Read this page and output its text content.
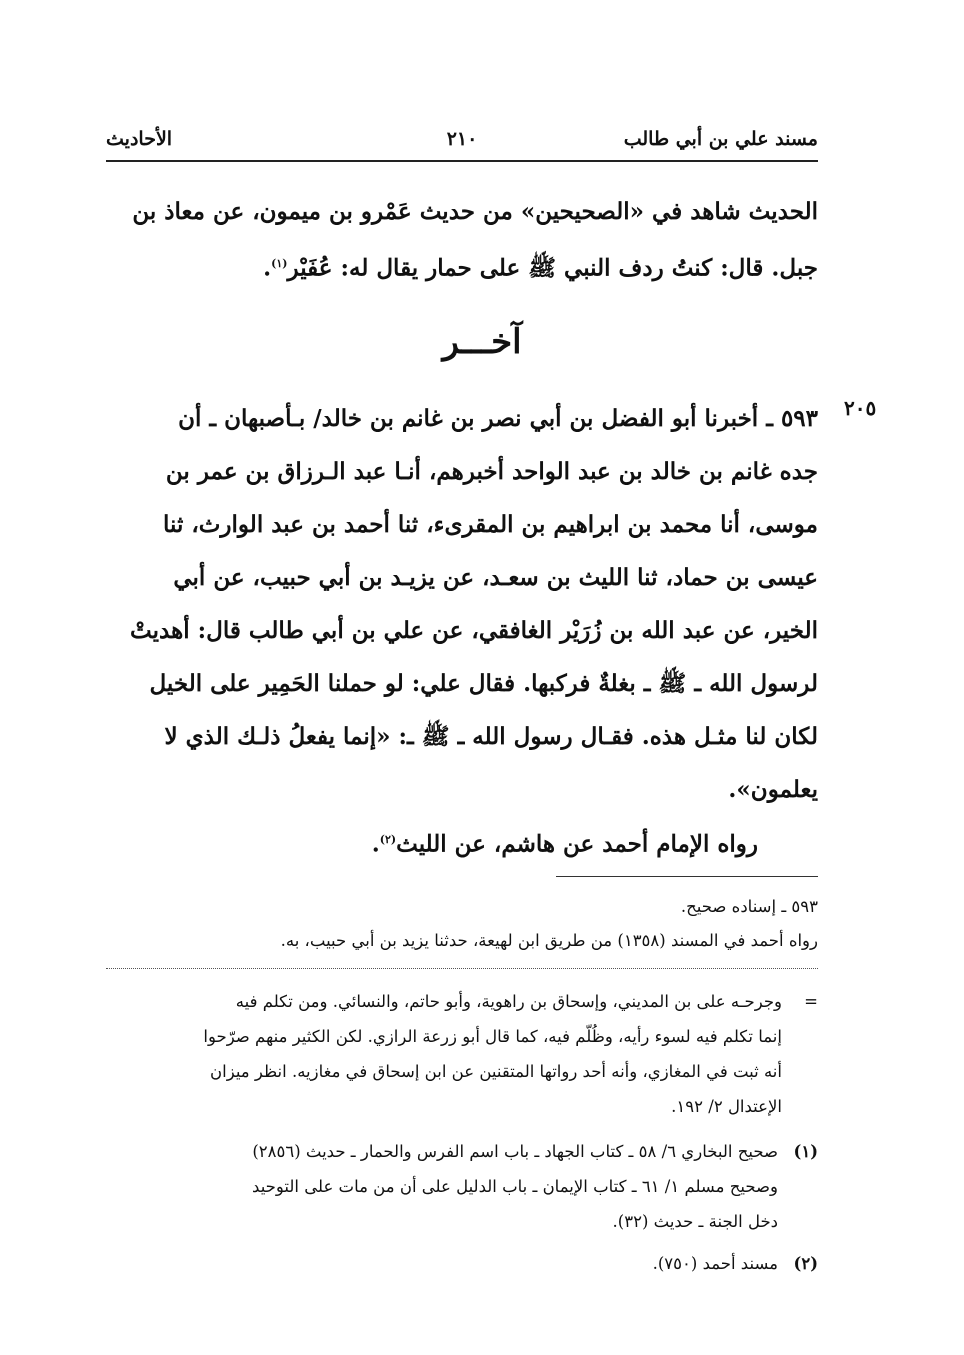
مسند علي بن أبي طالب
٢١٠
الأحاديث
الحديث شاهد في «الصحيحين» من حديث عَمْرو بن ميمون، عن معاذ بن
جبل. قال: كنتُ ردف النبي ﷺ على حمار يقال له: عُفَيْر$^{(١)}$.
آخـــر
٢٠٥
٥٩٣ ـ أخبرنا أبو الفضل بن أبي نصر بن غانم بن خالد/ بـأصبهان ـ أن
جده غانم بن خالد بن عبد الواحد أخبرهم، أنـا عبد الـرزاق بن عمر بن
موسى، أنا محمد بن ابراهيم بن المقرىء، ثنا أحمد بن عبد الوارث، ثنا
عيسى بن حماد، ثنا الليث بن سعـد، عن يزيـد بن أبي حبيب، عن أبي
الخير، عن عبد الله بن زُرَيْر الغافقي، عن علي بن أبي طالب قال: أهديتْ
لرسول الله ـ ﷺ ـ بغلةٌ فركبها. فقال علي: لو حملنا الحَمِير على الخيل
لكان لنا مثـل هذه. فقـال رسول الله ـ ﷺ ـ: «إنما يفعلُ ذلـك الذي لا
يعلمون».
رواه الإمام أحمد عن هاشم، عن الليث$^{(٢)}$.
٥٩٣ ـ إسناده صحيح.
رواه أحمد في المسند (١٣٥٨) من طريق ابن لهيعة، حدثنا يزيد بن أبي حبيب، به.
=
وجرحـه على بن المديني، وإسحاق بن راهوية، وأبو حاتم، والنسائي. ومن تكلم فيه
إنما تكلم فيه لسوء رأيه، وظُلّم فيه، كما قال أبو زرعة الرازي. لكن الكثير منهم صرّحوا
أنه ثبت في المغازي، وأنه أحد رواتها المتقنين عن ابن إسحاق في مغازيه. انظر ميزان
الإعتدال ٢/ ١٩٢.
(١)
صحيح البخاري ٦/ ٥٨ ـ كتاب الجهاد ـ باب اسم الفرس والحمار ـ حديث (٢٨٥٦)
وصحيح مسلم ١/ ٦١ ـ كتاب الإيمان ـ باب الدليل على أن من مات على التوحيد
دخل الجنة ـ حديث (٣٢).
(٢)
مسند أحمد (٧٥٠).
